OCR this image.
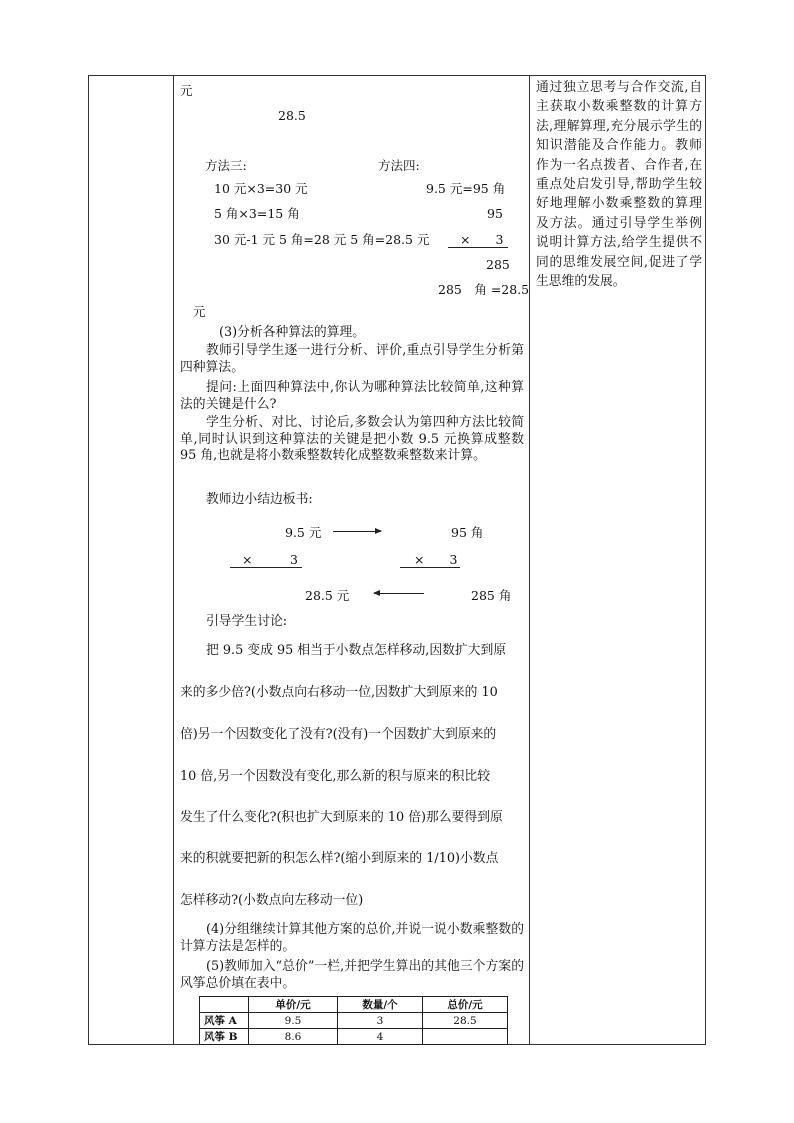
元
28.5
方法三:	方法四:
10 元×3=30 元	9.5 元=95 角
5 角×3=15 角	95
30 元-1 元 5 角=28 元 5 角=28.5 元 ×　　3
285
285　角 =28.5
元
(3)分析各种算法的算理。
教师引导学生逐一进行分析、评价,重点引导学生分析第四种算法。
提问:上面四种算法中,你认为哪种算法比较简单,这种算法的关键是什么?
学生分析、对比、讨论后,多数会认为第四种方法比较简单,同时认识到这种算法的关键是把小数 9.5 元换算成整数 95 角,也就是将小数乘整数转化成整数乘整数来计算。
教师边小结边板书:
9.5 元	95 角
×　　　3	×　　3
28.5 元	285 角
引导学生讨论:
把 9.5 变成 95 相当于小数点怎样移动,因数扩大到原
来的多少倍?(小数点向右移动一位,因数扩大到原来的 10
倍)另一个因数变化了没有?(没有)一个因数扩大到原来的
10 倍,另一个因数没有变化,那么新的积与原来的积比较
发生了什么变化?(积也扩大到原来的 10 倍)那么要得到原
来的积就要把新的积怎么样?(缩小到原来的 1/10)小数点
怎样移动?(小数点向左移动一位)
(4)分组继续计算其他方案的总价,并说一说小数乘整数的计算方法是怎样的。
(5)教师加入“总价”一栏,并把学生算出的其他三个方案的风筝总价填在表中。
	单价/元	数量/个	总价/元
风筝 A	9.5	3	28.5
风筝 B	8.6	4	
通过独立思考与合作交流,自主获取小数乘整数的计算方法,理解算理,充分展示学生的知识潜能及合作能力。教师作为一名点拨者、合作者,在重点处启发引导,帮助学生较好地理解小数乘整数的算理及方法。通过引导学生举例说明计算方法,给学生提供不同的思维发展空间,促进了学生思维的发展。
